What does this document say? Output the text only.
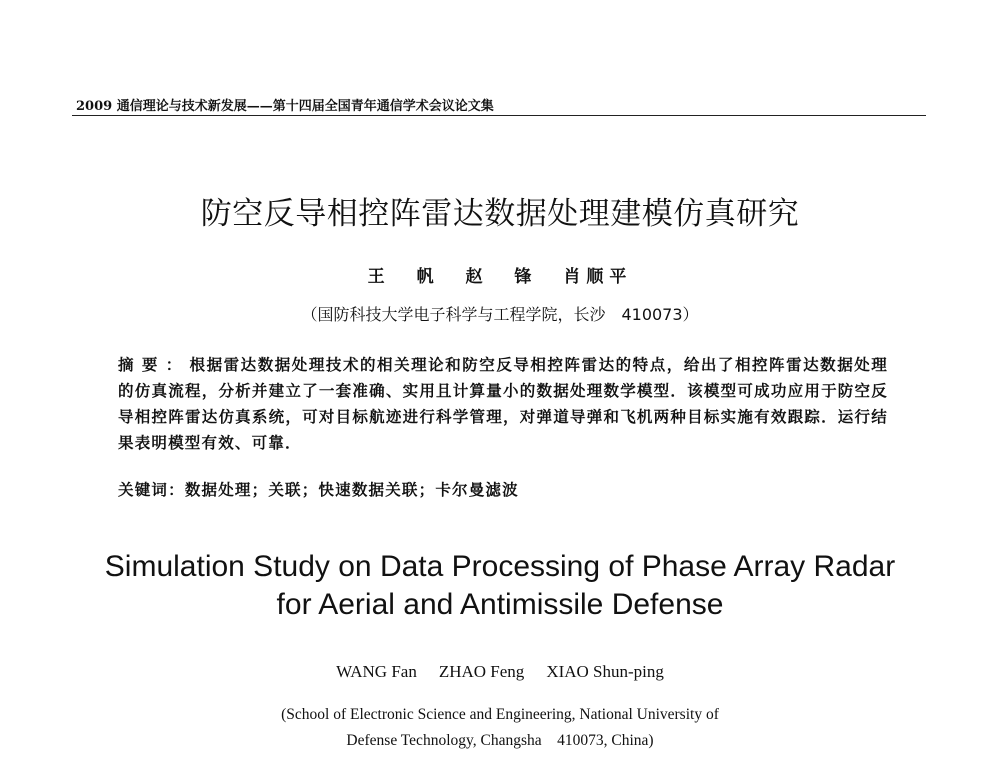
2009 通信理论与技术新发展——第十四届全国青年通信学术会议论文集
防空反导相控阵雷达数据处理建模仿真研究
王 帆 赵 锋 肖顺平
（国防科技大学电子科学与工程学院，长沙　410073）
摘要：根据雷达数据处理技术的相关理论和防空反导相控阵雷达的特点，给出了相控阵雷达数据处理的仿真流程，分析并建立了一套准确、实用且计算量小的数据处理数学模型．该模型可成功应用于防空反导相控阵雷达仿真系统，可对目标航迹进行科学管理，对弹道导弹和飞机两种目标实施有效跟踪．运行结果表明模型有效、可靠．
关键词：数据处理；关联；快速数据关联；卡尔曼滤波
Simulation Study on Data Processing of Phase Array Radar
for Aerial and Antimissile Defense
WANG Fan ZHAO Feng XIAO Shun-ping
(School of Electronic Science and Engineering, National University of
Defense Technology, Changsha　410073, China)
